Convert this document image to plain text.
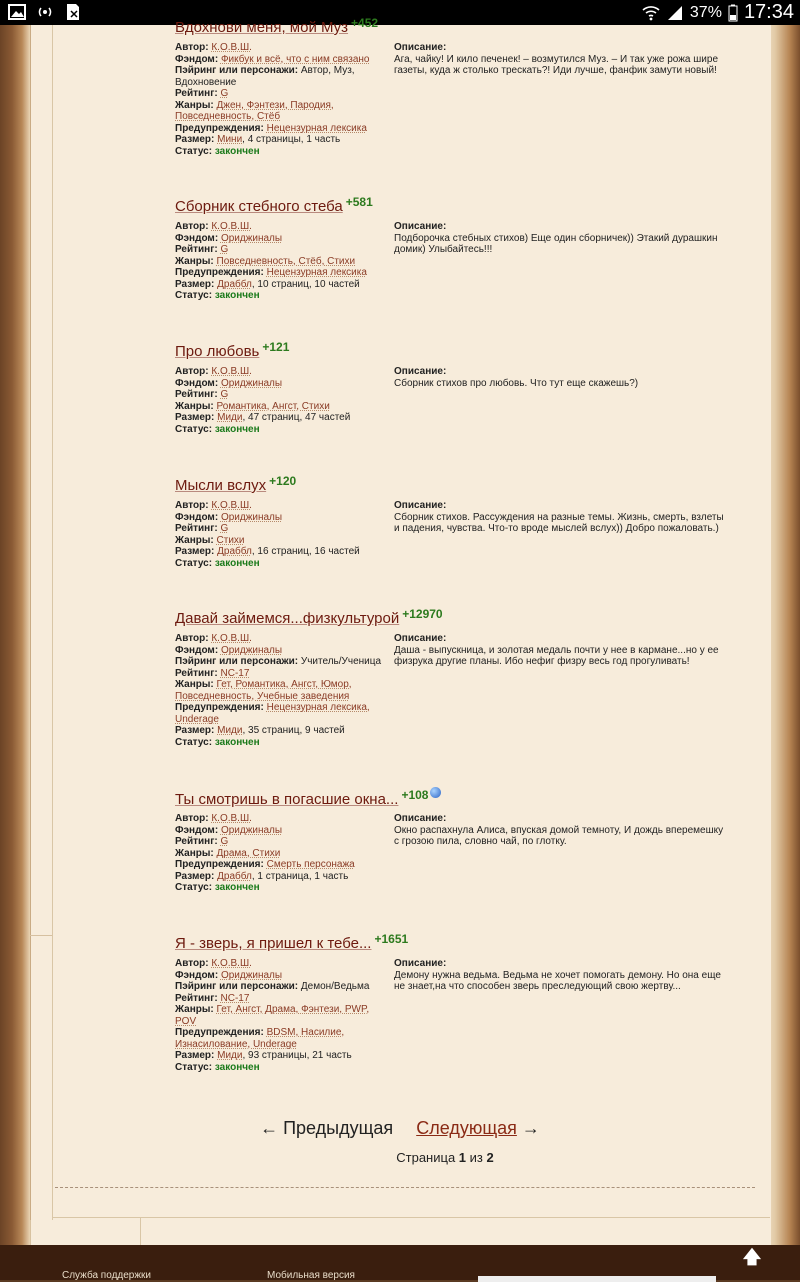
37% 17:34
Вдохнови меня, мой Муз +452
Автор: К.О.В.Ш.
Фэндом: Фикбук и всё, что с ним связано
Пэйринг или персонажи: Автор, Муз, Вдохновение
Рейтинг: G
Жанры: Джен, Фэнтези, Пародия, Повседневность, Стёб
Предупреждения: Нецензурная лексика
Размер: Мини, 4 страницы, 1 часть
Статус: закончен
Описание:
Ага, чайку! И кило печенек! – возмутился Муз. – И так уже рожа шире газеты, куда ж столько трескать?! Иди лучше, фанфик замути новый!
Сборник стебного стеба +581
Автор: К.О.В.Ш.
Фэндом: Ориджиналы
Рейтинг: G
Жанры: Повседневность, Стёб, Стихи
Предупреждения: Нецензурная лексика
Размер: Драббл, 10 страниц, 10 частей
Статус: закончен
Описание:
Подборочка стебных стихов) Еще один сборничек)) Этакий дурашкин домик) Улыбайтесь!!!
Про любовь +121
Автор: К.О.В.Ш.
Фэндом: Ориджиналы
Рейтинг: G
Жанры: Романтика, Ангст, Стихи
Размер: Миди, 47 страниц, 47 частей
Статус: закончен
Описание:
Сборник стихов про любовь. Что тут еще скажешь?)
Мысли вслух +120
Автор: К.О.В.Ш.
Фэндом: Ориджиналы
Рейтинг: G
Жанры: Стихи
Размер: Драббл, 16 страниц, 16 частей
Статус: закончен
Описание:
Сборник стихов. Рассуждения на разные темы. Жизнь, смерть, взлеты и падения, чувства. Что-то вроде мыслей вслух)) Добро пожаловать.)
Давай займемся...физкультурой +12970
Автор: К.О.В.Ш.
Фэндом: Ориджиналы
Пэйринг или персонажи: Учитель/Ученица
Рейтинг: NC-17
Жанры: Гет, Романтика, Ангст, Юмор, Повседневность, Учебные заведения
Предупреждения: Нецензурная лексика, Underage
Размер: Миди, 35 страниц, 9 частей
Статус: закончен
Описание:
Даша - выпускница, и золотая медаль почти у нее в кармане...но у ее физрука другие планы. Ибо нефиг физру весь год прогуливать!
Ты смотришь в погасшие окна... +108
Автор: К.О.В.Ш.
Фэндом: Ориджиналы
Рейтинг: G
Жанры: Драма, Стихи
Предупреждения: Смерть персонажа
Размер: Драббл, 1 страница, 1 часть
Статус: закончен
Описание:
Окно распахнула Алиса, впуская домой темноту, И дождь вперемешку с грозою пила, словно чай, по глотку.
Я - зверь, я пришел к тебе... +1651
Автор: К.О.В.Ш.
Фэндом: Ориджиналы
Пэйринг или персонажи: Демон/Ведьма
Рейтинг: NC-17
Жанры: Гет, Ангст, Драма, Фэнтези, PWP, POV
Предупреждения: BDSM, Насилие, Изнасилование, Underage
Размер: Миди, 93 страницы, 21 часть
Статус: закончен
Описание:
Демону нужна ведьма. Ведьма не хочет помогать демону. Но она еще не знает,на что способен зверь преследующий свою жертву...
← Предыдущая Следующая →
Страница 1 из 2
🡅
Служба поддержки	Мобильная версия
